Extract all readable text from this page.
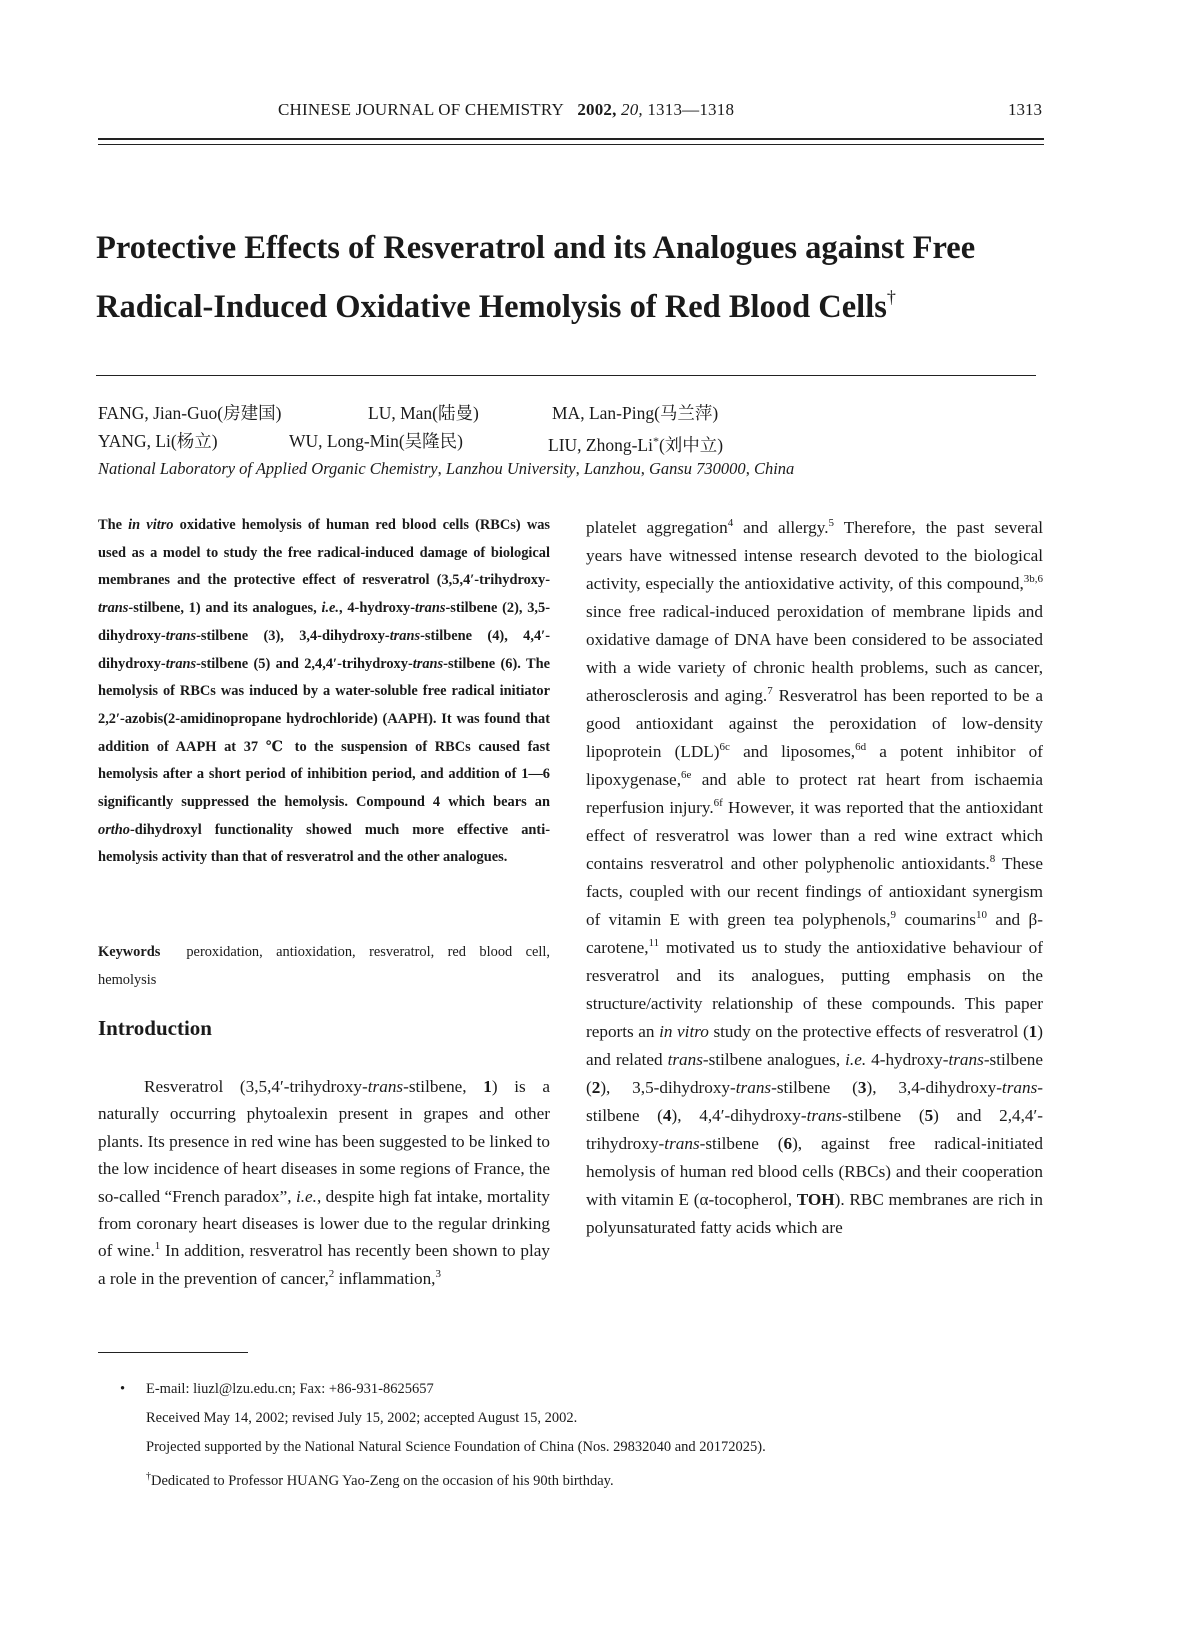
CHINESE JOURNAL OF CHEMISTRY 2002, 20, 1313—1318	1313
Protective Effects of Resveratrol and its Analogues against Free
Radical-Induced Oxidative Hemolysis of Red Blood Cells†
FANG, Jian-Guo(房建国)	LU, Man(陆曼)	MA, Lan-Ping(马兰萍)
YANG, Li(杨立)	WU, Long-Min(吴隆民)	LIU, Zhong-Li*(刘中立)
National Laboratory of Applied Organic Chemistry, Lanzhou University, Lanzhou, Gansu 730000, China
The in vitro oxidative hemolysis of human red blood cells (RBCs) was used as a model to study the free radical-induced damage of biological membranes and the protective effect of resveratrol (3,5,4′-trihydroxy-trans-stilbene, 1) and its analogues, i.e., 4-hydroxy-trans-stilbene (2), 3,5-dihydroxy-trans-stilbene (3), 3,4-dihydroxy-trans-stilbene (4), 4,4′-dihydroxy-trans-stilbene (5) and 2,4,4′-trihydroxy-trans-stilbene (6). The hemolysis of RBCs was induced by a water-soluble free radical initiator 2,2′-azobis(2-amidinopropane hydrochloride) (AAPH). It was found that addition of AAPH at 37 ℃ to the suspension of RBCs caused fast hemolysis after a short period of inhibition period, and addition of 1—6 significantly suppressed the hemolysis. Compound 4 which bears an ortho-dihydroxyl functionality showed much more effective anti-hemolysis activity than that of resveratrol and the other analogues.
Keywords peroxidation, antioxidation, resveratrol, red blood cell, hemolysis
Introduction

Resveratrol (3,5,4′-trihydroxy-trans-stilbene, 1) is a naturally occurring phytoalexin present in grapes and other plants. Its presence in red wine has been suggested to be linked to the low incidence of heart diseases in some regions of France, the so-called “French paradox”, i.e., despite high fat intake, mortality from coronary heart diseases is lower due to the regular drinking of wine.$^1$ In addition, resveratrol has recently been shown to play a role in the prevention of cancer,$^2$ inflammation,$^3$

platelet aggregation$^4$ and allergy.$^5$ Therefore, the past several years have witnessed intense research devoted to the biological activity, especially the antioxidative activity, of this compound,$^{3b,6}$ since free radical-induced peroxidation of membrane lipids and oxidative damage of DNA have been considered to be associated with a wide variety of chronic health problems, such as cancer, atherosclerosis and aging.$^7$ Resveratrol has been reported to be a good antioxidant against the peroxidation of low-density lipoprotein (LDL)$^{6c}$ and liposomes,$^{6d}$ a potent inhibitor of lipoxygenase,$^{6e}$ and able to protect rat heart from ischaemia reperfusion injury.$^{6f}$ However, it was reported that the antioxidant effect of resveratrol was lower than a red wine extract which contains resveratrol and other polyphenolic antioxidants.$^8$ These facts, coupled with our recent findings of antioxidant synergism of vitamin E with green tea polyphenols,$^9$ coumarins$^{10}$ and β-carotene,$^{11}$ motivated us to study the antioxidative behaviour of resveratrol and its analogues, putting emphasis on the structure/activity relationship of these compounds. This paper reports an in vitro study on the protective effects of resveratrol (1) and related trans-stilbene analogues, i.e. 4-hydroxy-trans-stilbene (2), 3,5-dihydroxy-trans-stilbene (3), 3,4-dihydroxy-trans-stilbene (4), 4,4′-dihydroxy-trans-stilbene (5) and 2,4,4′-trihydroxy-trans-stilbene (6), against free radical-initiated hemolysis of human red blood cells (RBCs) and their cooperation with vitamin E (α-tocopherol, TOH). RBC membranes are rich in polyunsaturated fatty acids which are

• E-mail: liuzl@lzu.edu.cn; Fax: +86-931-8625657
Received May 14, 2002; revised July 15, 2002; accepted August 15, 2002.
Projected supported by the National Natural Science Foundation of China (Nos. 29832040 and 20172025).
†Dedicated to Professor HUANG Yao-Zeng on the occasion of his 90th birthday.
